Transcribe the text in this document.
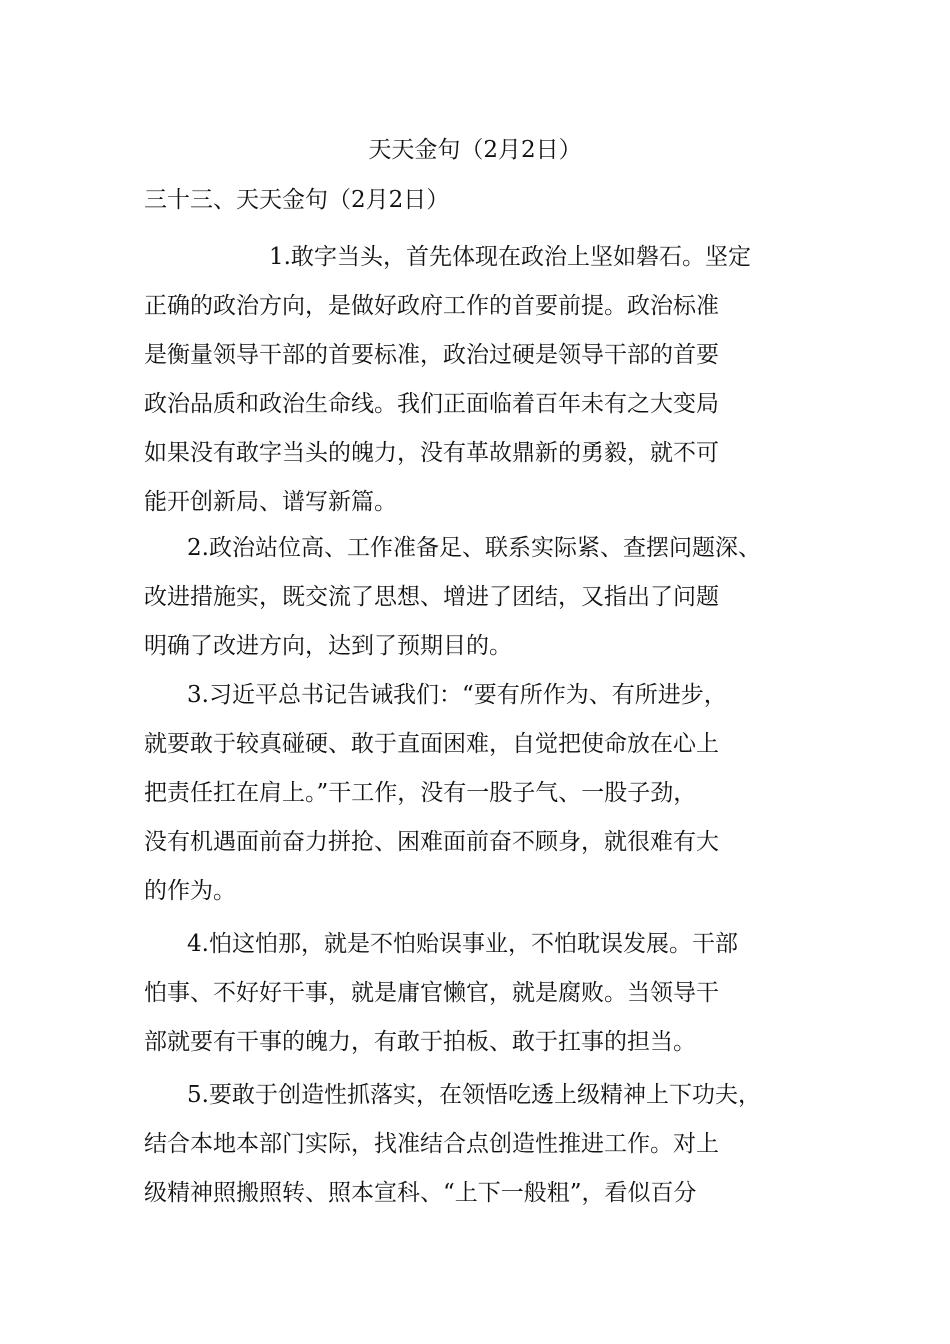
天天金句（2月2日）
三十三、天天金句（2月2日）
1.敢字当头，首先体现在政治上坚如磐石。坚定
正确的政治方向，是做好政府工作的首要前提。政治标准
是衡量领导干部的首要标准，政治过硬是领导干部的首要
政治品质和政治生命线。我们正面临着百年未有之大变局
如果没有敢字当头的魄力，没有革故鼎新的勇毅，就不可
能开创新局、谱写新篇。
2.政治站位高、工作准备足、联系实际紧、查摆问题深、
改进措施实，既交流了思想、增进了团结，又指出了问题
明确了改进方向，达到了预期目的。
3.习近平总书记告诫我们：“要有所作为、有所进步，
就要敢于较真碰硬、敢于直面困难，自觉把使命放在心上
把责任扛在肩上。”干工作，没有一股子气、一股子劲，
没有机遇面前奋力拼抢、困难面前奋不顾身，就很难有大
的作为。
4.怕这怕那，就是不怕贻误事业，不怕耽误发展。干部
怕事、不好好干事，就是庸官懒官，就是腐败。当领导干
部就要有干事的魄力，有敢于拍板、敢于扛事的担当。
5.要敢于创造性抓落实，在领悟吃透上级精神上下功夫，
结合本地本部门实际，找准结合点创造性推进工作。对上
级精神照搬照转、照本宣科、“上下一般粗”，看似百分
